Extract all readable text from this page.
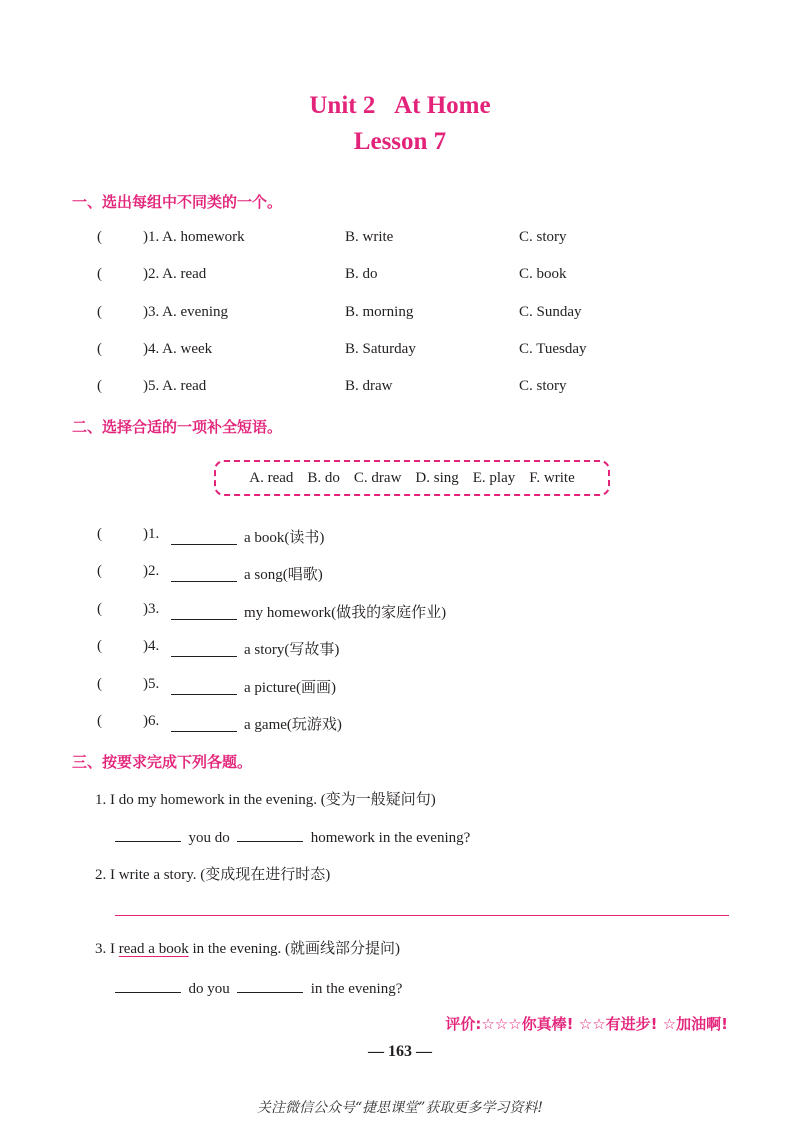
Unit 2 At Home
Lesson 7
一、选出每组中不同类的一个。
(	)1. A. homework	B. write	C. story
(	)2. A. read	B. do	C. book
(	)3. A. evening	B. morning	C. Sunday
(	)4. A. week	B. Saturday	C. Tuesday
(	)5. A. read	B. draw	C. story
二、选择合适的一项补全短语。
A. read B. do C. draw D. sing E. play F. write
(	)1.	a book(读书)
(	)2.	a song(唱歌)
(	)3.	my homework(做我的家庭作业)
(	)4.	a story(写故事)
(	)5.	a picture(画画)
(	)6.	a game(玩游戏)
三、按要求完成下列各题。
1. I do my homework in the evening. (变为一般疑问句)
you do	homework in the evening?
2. I write a story. (变成现在进行时态)
3. I read a book in the evening. (就画线部分提问)
do you	in the evening?
评价:☆☆☆你真棒! ☆☆有进步! ☆加油啊!
— 163 —
关注微信公众号“捷思课堂”获取更多学习资料!
